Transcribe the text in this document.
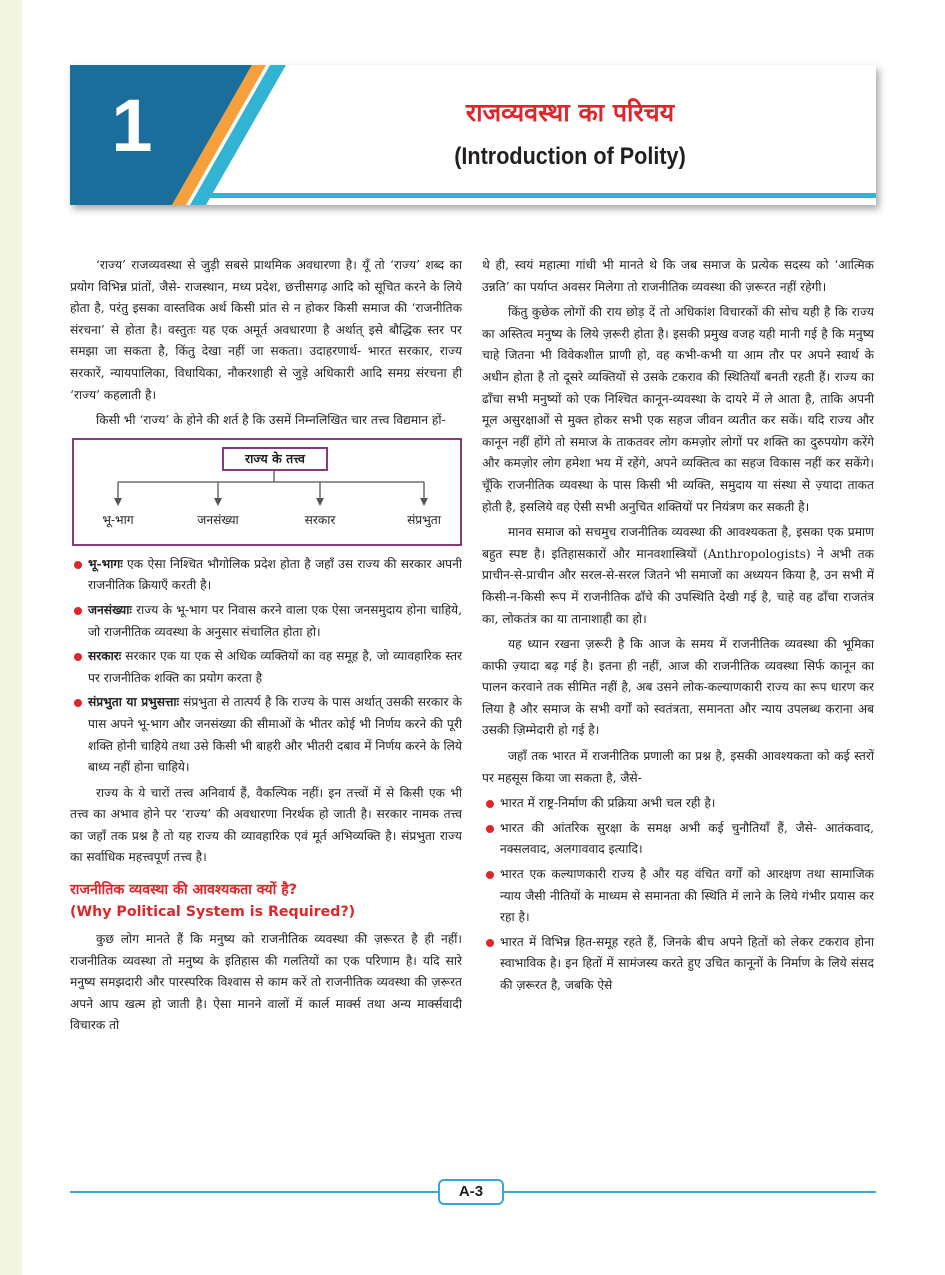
1	राजव्यवस्था का परिचय
(Introduction of Polity)

‘राज्य’ राजव्यवस्था से जुड़ी सबसे प्राथमिक अवधारणा है। यूँ तो ‘राज्य’ शब्द का प्रयोग विभिन्न प्रांतों, जैसे- राजस्थान, मध्य प्रदेश, छत्तीसगढ़ आदि को सूचित करने के लिये होता है, परंतु इसका वास्तविक अर्थ किसी प्रांत से न होकर किसी समाज की ‘राजनीतिक संरचना’ से होता है। वस्तुतः यह एक अमूर्त अवधारणा है अर्थात् इसे बौद्धिक स्तर पर समझा जा सकता है, किंतु देखा नहीं जा सकता। उदाहरणार्थ- भारत सरकार, राज्य सरकारें, न्यायपालिका, विधायिका, नौकरशाही से जुड़े अधिकारी आदि समग्र संरचना ही ‘राज्य’ कहलाती है।

किसी भी ‘राज्य’ के होने की शर्त है कि उसमें निम्नलिखित चार तत्त्व विद्यमान हों-

राज्य के तत्त्व
भू-भाग	जनसंख्या	सरकार	संप्रभुता
भू-भागः एक ऐसा निश्चित भौगोलिक प्रदेश होता है जहाँ उस राज्य की सरकार अपनी राजनीतिक क्रियाएँ करती है।
जनसंख्याः राज्य के भू-भाग पर निवास करने वाला एक ऐसा जनसमुदाय होना चाहिये, जो राजनीतिक व्यवस्था के अनुसार संचालित होता हो।
सरकारः सरकार एक या एक से अधिक व्यक्तियों का वह समूह है, जो व्यावहारिक स्तर पर राजनीतिक शक्ति का प्रयोग करता है
संप्रभुता या प्रभुसत्ताः संप्रभुता से तात्पर्य है कि राज्य के पास अर्थात् उसकी सरकार के पास अपने भू-भाग और जनसंख्या की सीमाओं के भीतर कोई भी निर्णय करने की पूरी शक्ति होनी चाहिये तथा उसे किसी भी बाहरी और भीतरी दबाव में निर्णय करने के लिये बाध्य नहीं होना चाहिये।

राज्य के ये चारों तत्त्व अनिवार्य हैं, वैकल्पिक नहीं। इन तत्त्वों में से किसी एक भी तत्त्व का अभाव होने पर ‘राज्य’ की अवधारणा निरर्थक हो जाती है। सरकार नामक तत्त्व का जहाँ तक प्रश्न है तो यह राज्य की व्यावहारिक एवं मूर्त अभिव्यक्ति है। संप्रभुता राज्य का सर्वाधिक महत्त्वपूर्ण तत्त्व है।

राजनीतिक व्यवस्था की आवश्यकता क्यों है?
(Why Political System is Required?)

कुछ लोग मानते हैं कि मनुष्य को राजनीतिक व्यवस्था की ज़रूरत है ही नहीं। राजनीतिक व्यवस्था तो मनुष्य के इतिहास की गलतियों का एक परिणाम है। यदि सारे मनुष्य समझदारी और पारस्परिक विश्वास से काम करें तो राजनीतिक व्यवस्था की ज़रूरत अपने आप खत्म हो जाती है। ऐसा मानने वालों में कार्ल मार्क्स तथा अन्य मार्क्सवादी विचारक तो

थे ही, स्वयं महात्मा गांधी भी मानते थे कि जब समाज के प्रत्येक सदस्य को ‘आत्मिक उन्नति’ का पर्याप्त अवसर मिलेगा तो राजनीतिक व्यवस्था की ज़रूरत नहीं रहेगी।

किंतु कुछेक लोगों की राय छोड़ दें तो अधिकांश विचारकों की सोच यही है कि राज्य का अस्तित्व मनुष्य के लिये ज़रूरी होता है। इसकी प्रमुख वजह यही मानी गई है कि मनुष्य चाहे जितना भी विवेकशील प्राणी हो, वह कभी-कभी या आम तौर पर अपने स्वार्थ के अधीन होता है तो दूसरे व्यक्तियों से उसके टकराव की स्थितियाँ बनती रहती हैं। राज्य का ढाँचा सभी मनुष्यों को एक निश्चित कानून-व्यवस्था के दायरे में ले आता है, ताकि अपनी मूल असुरक्षाओं से मुक्त होकर सभी एक सहज जीवन व्यतीत कर सकें। यदि राज्य और कानून नहीं होंगे तो समाज के ताकतवर लोग कमज़ोर लोगों पर शक्ति का दुरुपयोग करेंगे और कमज़ोर लोग हमेशा भय में रहेंगे, अपने व्यक्तित्व का सहज विकास नहीं कर सकेंगे। चूँकि राजनीतिक व्यवस्था के पास किसी भी व्यक्ति, समुदाय या संस्था से ज़्यादा ताकत होती है, इसलिये वह ऐसी सभी अनुचित शक्तियों पर नियंत्रण कर सकती है।

मानव समाज को सचमुच राजनीतिक व्यवस्था की आवश्यकता है, इसका एक प्रमाण बहुत स्पष्ट है। इतिहासकारों और मानवशास्त्रियों (Anthropologists) ने अभी तक प्राचीन-से-प्राचीन और सरल-से-सरल जितने भी समाजों का अध्ययन किया है, उन सभी में किसी-न-किसी रूप में राजनीतिक ढाँचे की उपस्थिति देखी गई है, चाहे वह ढाँचा राजतंत्र का, लोकतंत्र का या तानाशाही का हो।

यह ध्यान रखना ज़रूरी है कि आज के समय में राजनीतिक व्यवस्था की भूमिका काफी ज़्यादा बढ़ गई है। इतना ही नहीं, आज की राजनीतिक व्यवस्था सिर्फ कानून का पालन करवाने तक सीमित नहीं है, अब उसने लोक-कल्याणकारी राज्य का रूप धारण कर लिया है और समाज के सभी वर्गों को स्वतंत्रता, समानता और न्याय उपलब्ध कराना अब उसकी ज़िम्मेदारी हो गई है।

जहाँ तक भारत में राजनीतिक प्रणाली का प्रश्न है, इसकी आवश्यकता को कई स्तरों पर महसूस किया जा सकता है, जैसे-

भारत में राष्ट्र-निर्माण की प्रक्रिया अभी चल रही है।
भारत की आंतरिक सुरक्षा के समक्ष अभी कई चुनौतियाँ हैं, जैसे- आतंकवाद, नक्सलवाद, अलगाववाद इत्यादि।
भारत एक कल्याणकारी राज्य है और यह वंचित वर्गों को आरक्षण तथा सामाजिक न्याय जैसी नीतियों के माध्यम से समानता की स्थिति में लाने के लिये गंभीर प्रयास कर रहा है।
भारत में विभिन्न हित-समूह रहते हैं, जिनके बीच अपने हितों को लेकर टकराव होना स्वाभाविक है। इन हितों में सामंजस्य करते हुए उचित कानूनों के निर्माण के लिये संसद की ज़रूरत है, जबकि ऐसे
A-3
